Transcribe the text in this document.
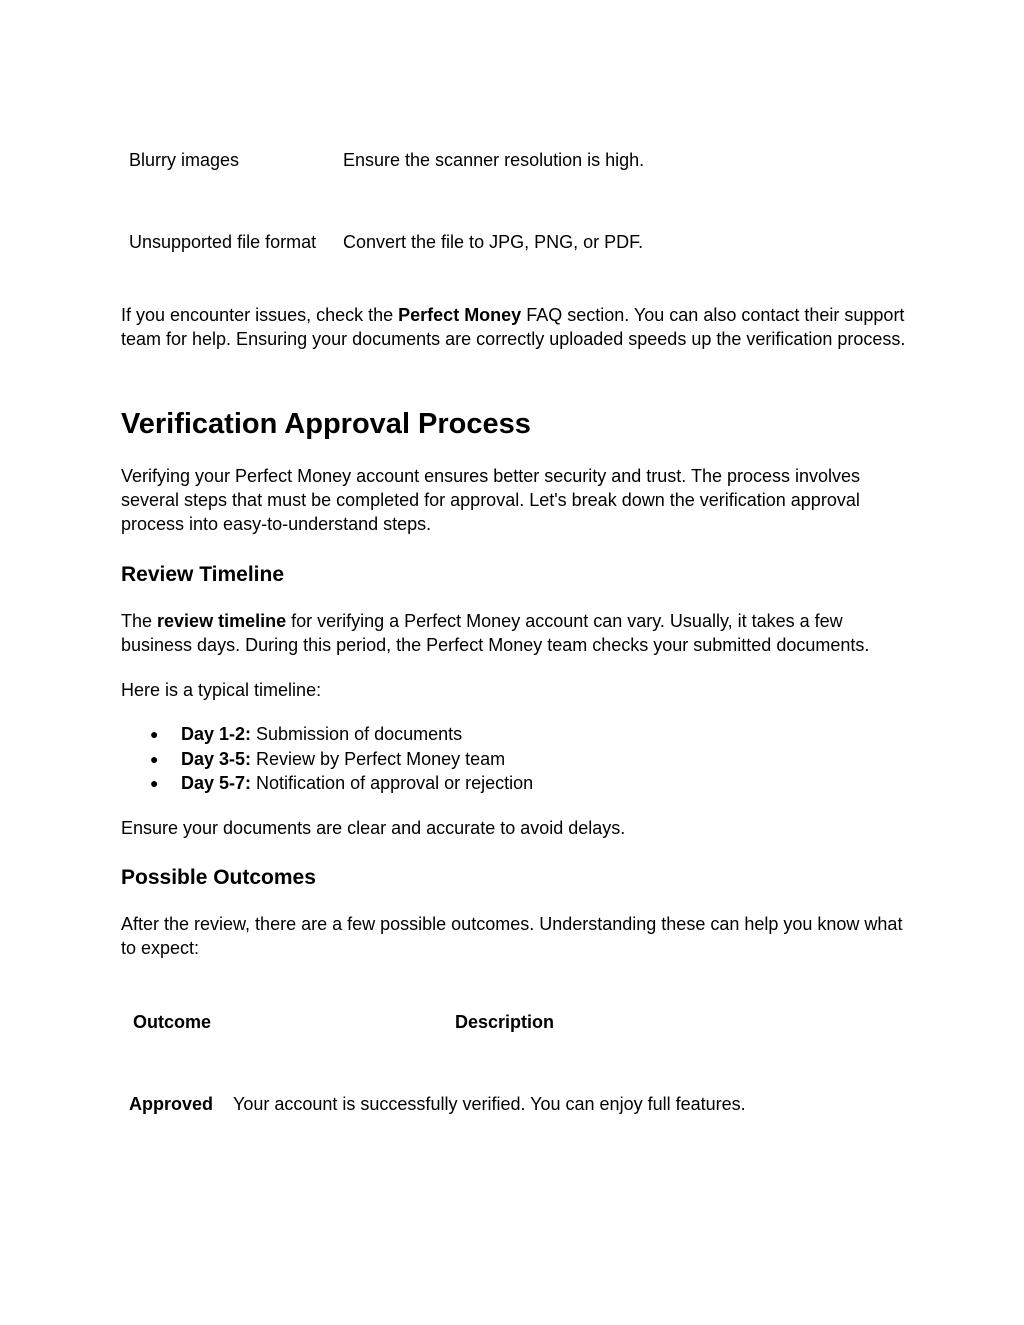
Blurry images	Ensure the scanner resolution is high.
Unsupported file format Convert the file to JPG, PNG, or PDF.

If you encounter issues, check the Perfect Money FAQ section. You can also contact their support team for help. Ensuring your documents are correctly uploaded speeds up the verification process.

Verification Approval Process

Verifying your Perfect Money account ensures better security and trust. The process involves several steps that must be completed for approval. Let's break down the verification approval process into easy-to-understand steps.

Review Timeline

The review timeline for verifying a Perfect Money account can vary. Usually, it takes a few business days. During this period, the Perfect Money team checks your submitted documents.

Here is a typical timeline:

● Day 1-2: Submission of documents
● Day 3-5: Review by Perfect Money team
● Day 5-7: Notification of approval or rejection

Ensure your documents are clear and accurate to avoid delays.

Possible Outcomes

After the review, there are a few possible outcomes. Understanding these can help you know what to expect:

Outcome	Description
Approved Your account is successfully verified. You can enjoy full features.
